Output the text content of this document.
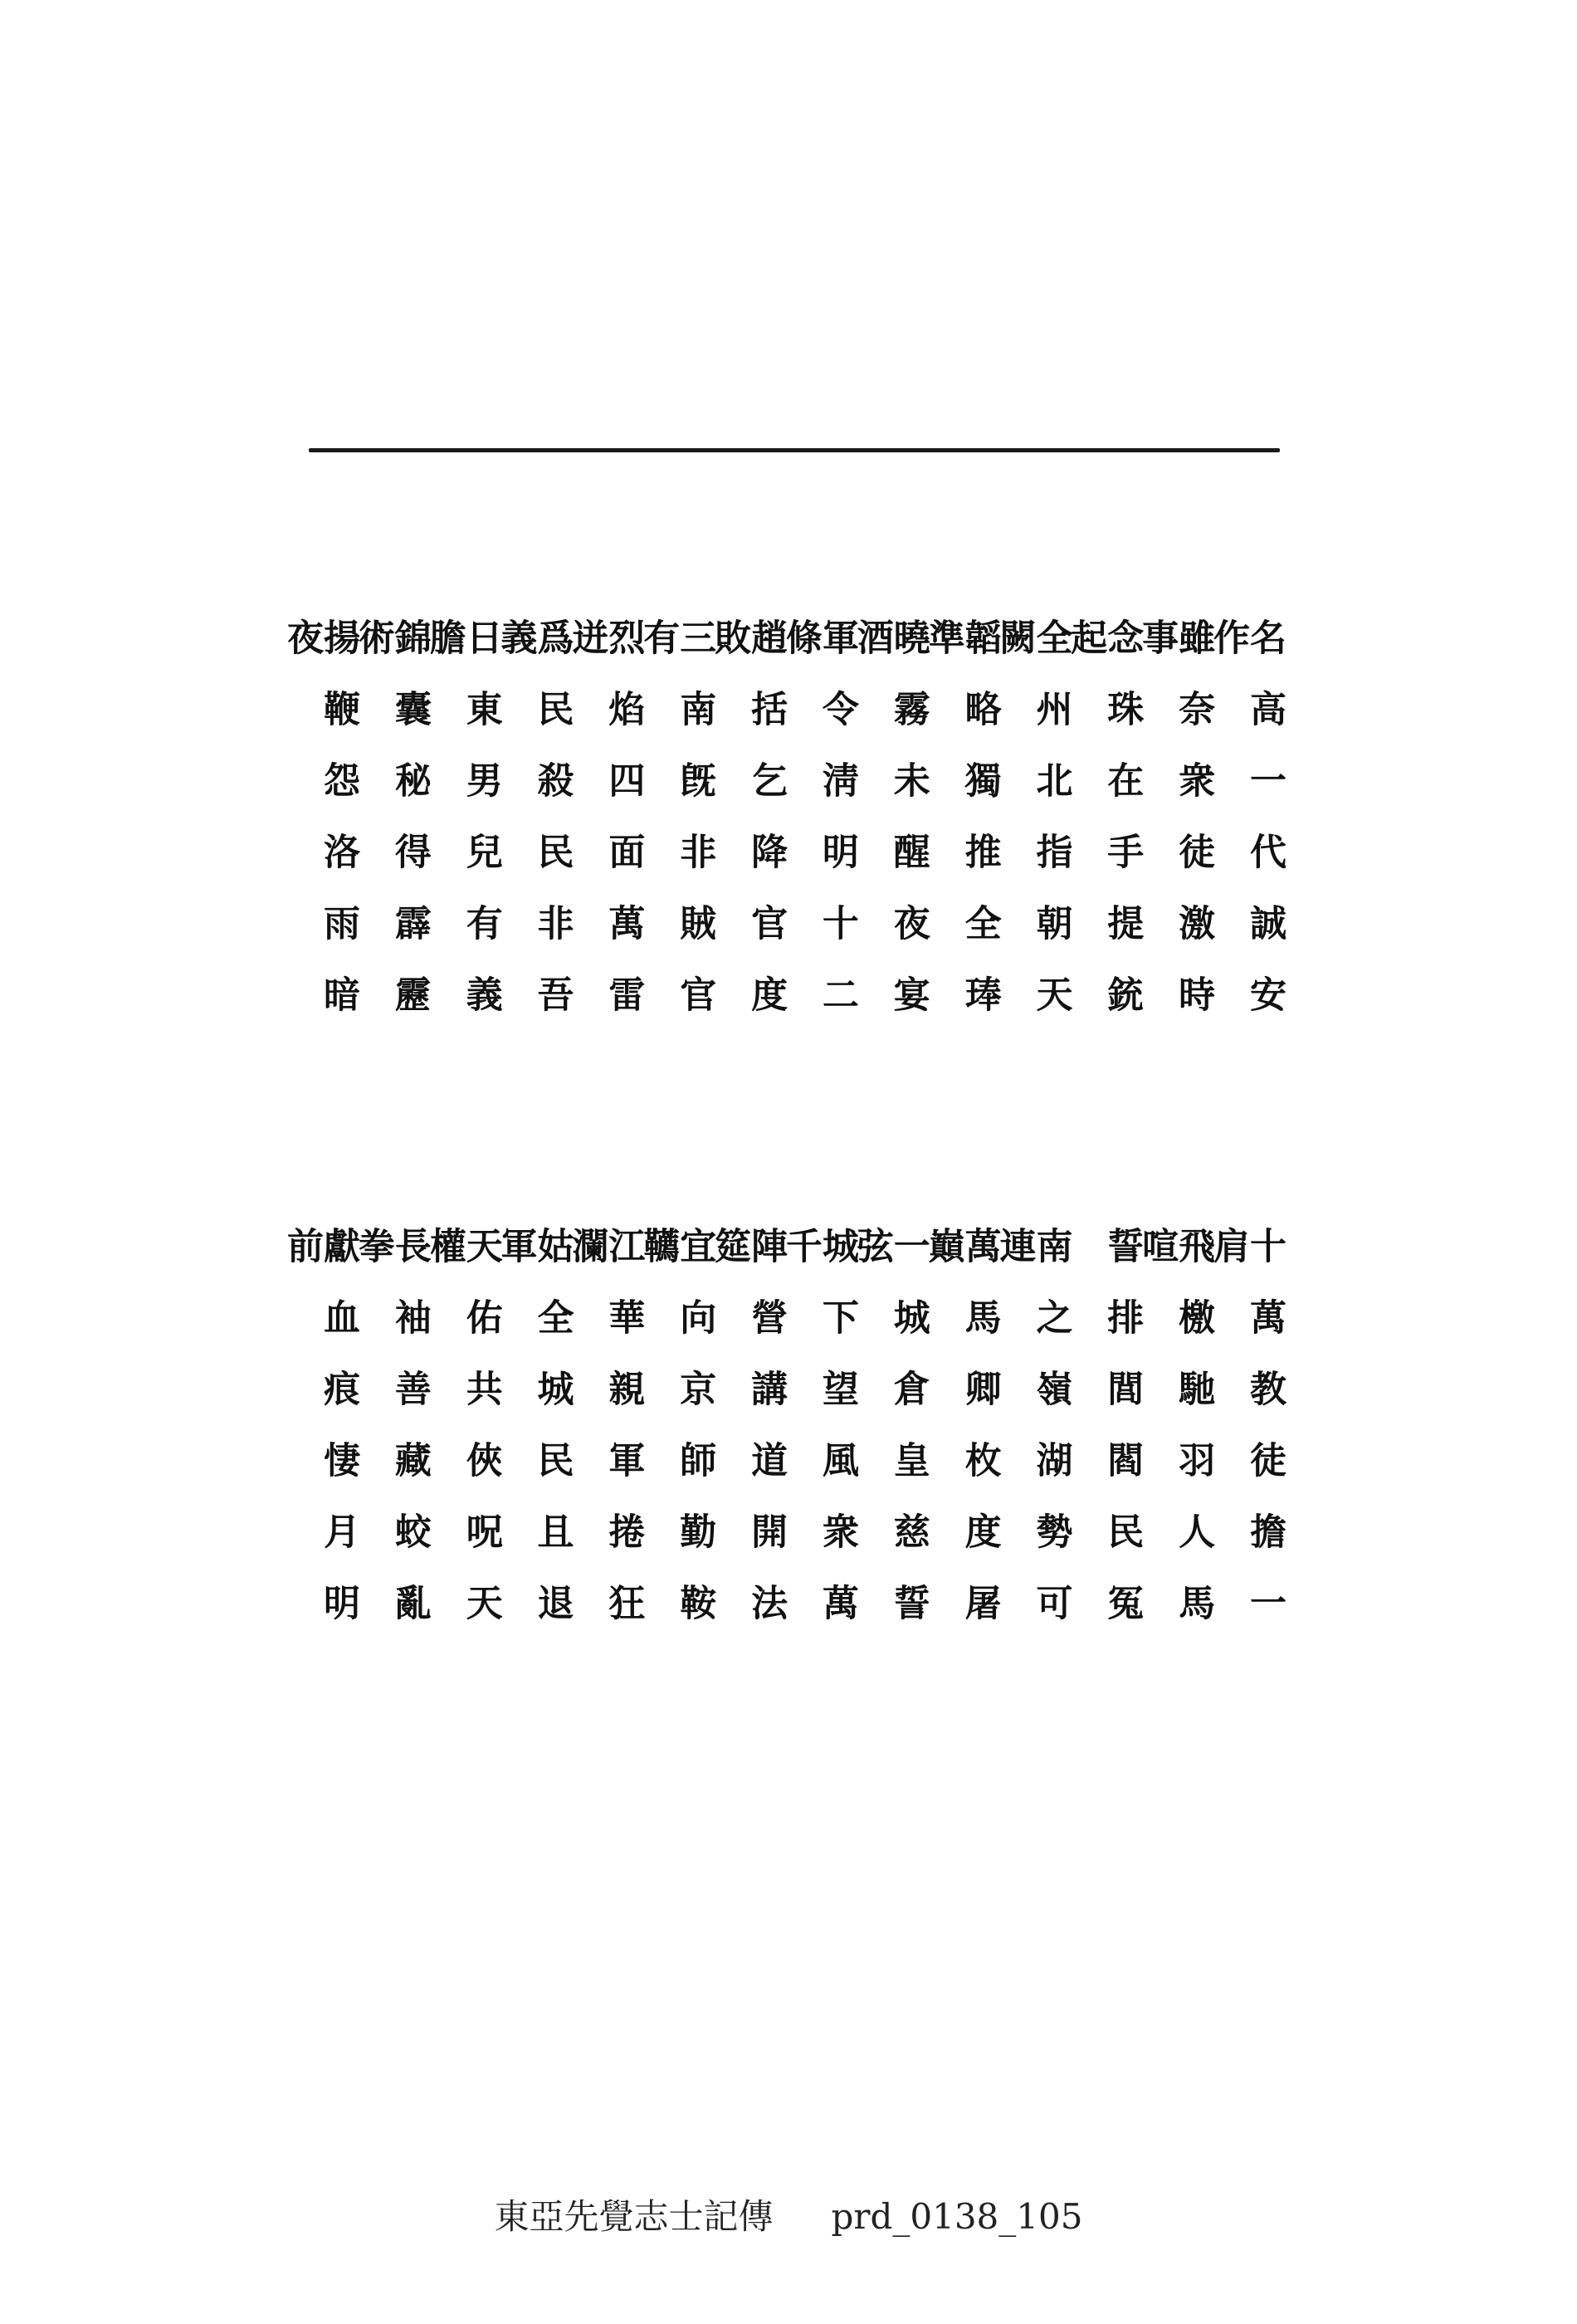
名高一代誠安作
雖奈衆徒激時事
念珠在手提銃起
全州北指朝天闕
韜略獨推全琫準
曉霧未醒夜宴酒
軍令淸明十二條
趙括乞降官度敗
三南旣非賊官有
烈焰四面萬雷迸
爲民殺民非吾義
日東男兒有義膽
錦囊秘得霹靂術
揚鞭怨洛雨暗夜
十萬教徒擔一肩
飛檄馳羽人馬喧
誓排閭閻民冤
南之嶺湖勢可連
萬馬卿枚度屠巔
一城倉皇慈誓弦
城下望風衆萬千
陣營講道開法筵
宜向京師勤鞍韉
江華親軍捲狂瀾
姑全城民且退軍
天佑共俠呪天權
長袖善藏蛟亂拳
獻血痕悽月明前
東亞先覺志士記傳 prd_0138_105
